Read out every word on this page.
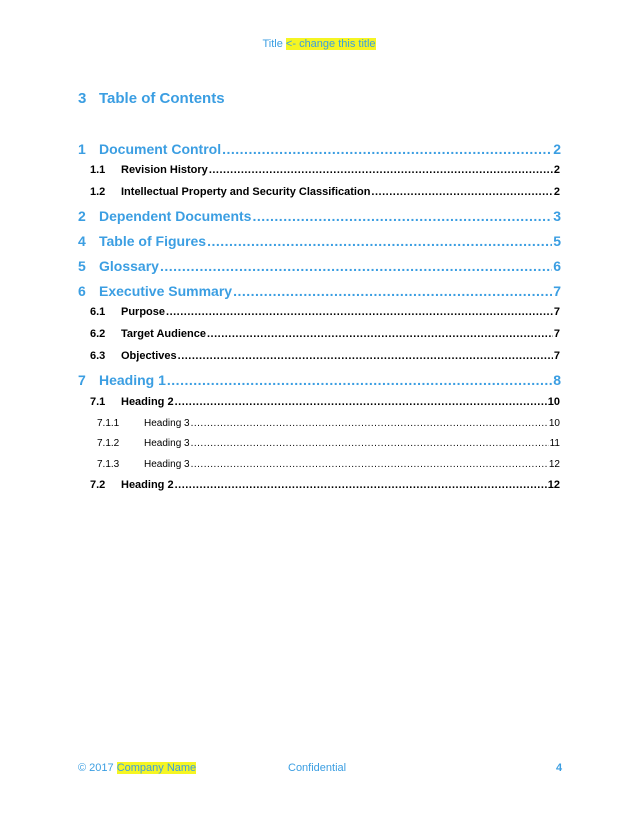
Title <- change this title
3 Table of Contents
1 Document Control .....	2
1.1	Revision History .....	2
1.2	Intellectual Property and Security Classification .....	2
2 Dependent Documents .....	3
4 Table of Figures .....	5
5 Glossary .....	6
6 Executive Summary .....	7
6.1	Purpose .....	7
6.2	Target Audience .....	7
6.3	Objectives .....	7
7 Heading 1 .....	8
7.1	Heading 2 .....	10
7.1.1	Heading 3 .....	10
7.1.2	Heading 3 .....	11
7.1.3	Heading 3 .....	12
7.2	Heading 2 .....	12
© 2017 Company Name	Confidential	4
